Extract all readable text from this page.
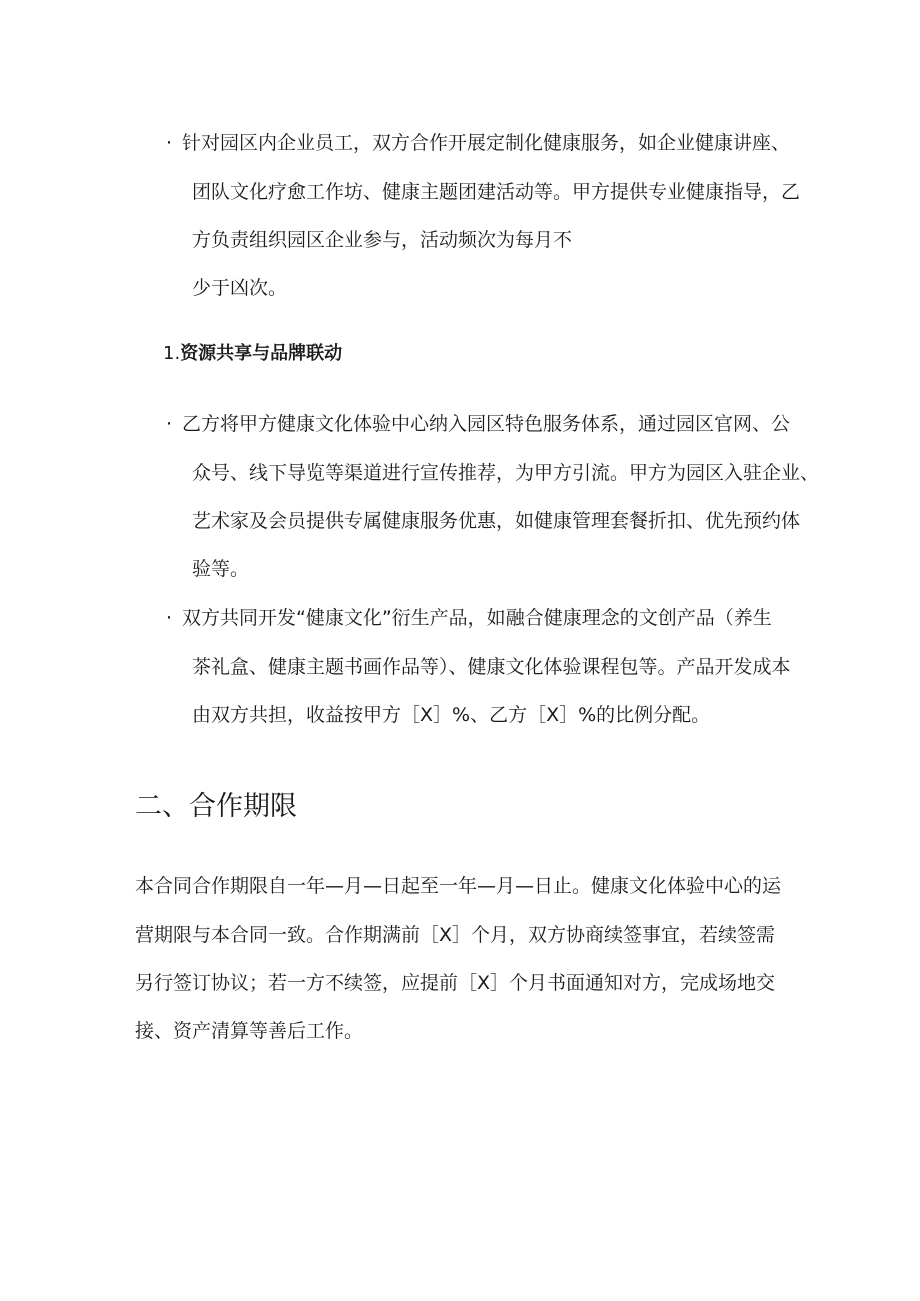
· 针对园区内企业员工，双方合作开展定制化健康服务，如企业健康讲座、
团队文化疗愈工作坊、健康主题团建活动等。甲方提供专业健康指导，乙
方负责组织园区企业参与，活动频次为每月不
少于凶次。
1.资源共享与品牌联动
· 乙方将甲方健康文化体验中心纳入园区特色服务体系，通过园区官网、公
众号、线下导览等渠道进行宣传推荐，为甲方引流。甲方为园区入驻企业、
艺术家及会员提供专属健康服务优惠，如健康管理套餐折扣、优先预约体
验等。
· 双方共同开发“健康文化”衍生产品，如融合健康理念的文创产品（养生
茶礼盒、健康主题书画作品等）、健康文化体验课程包等。产品开发成本
由双方共担，收益按甲方［X］%、乙方［X］%的比例分配。
二、合作期限
本合同合作期限自一年—月—日起至一年—月—日止。健康文化体验中心的运
营期限与本合同一致。合作期满前［X］个月，双方协商续签事宜，若续签需
另行签订协议；若一方不续签，应提前［X］个月书面通知对方，完成场地交
接、资产清算等善后工作。
